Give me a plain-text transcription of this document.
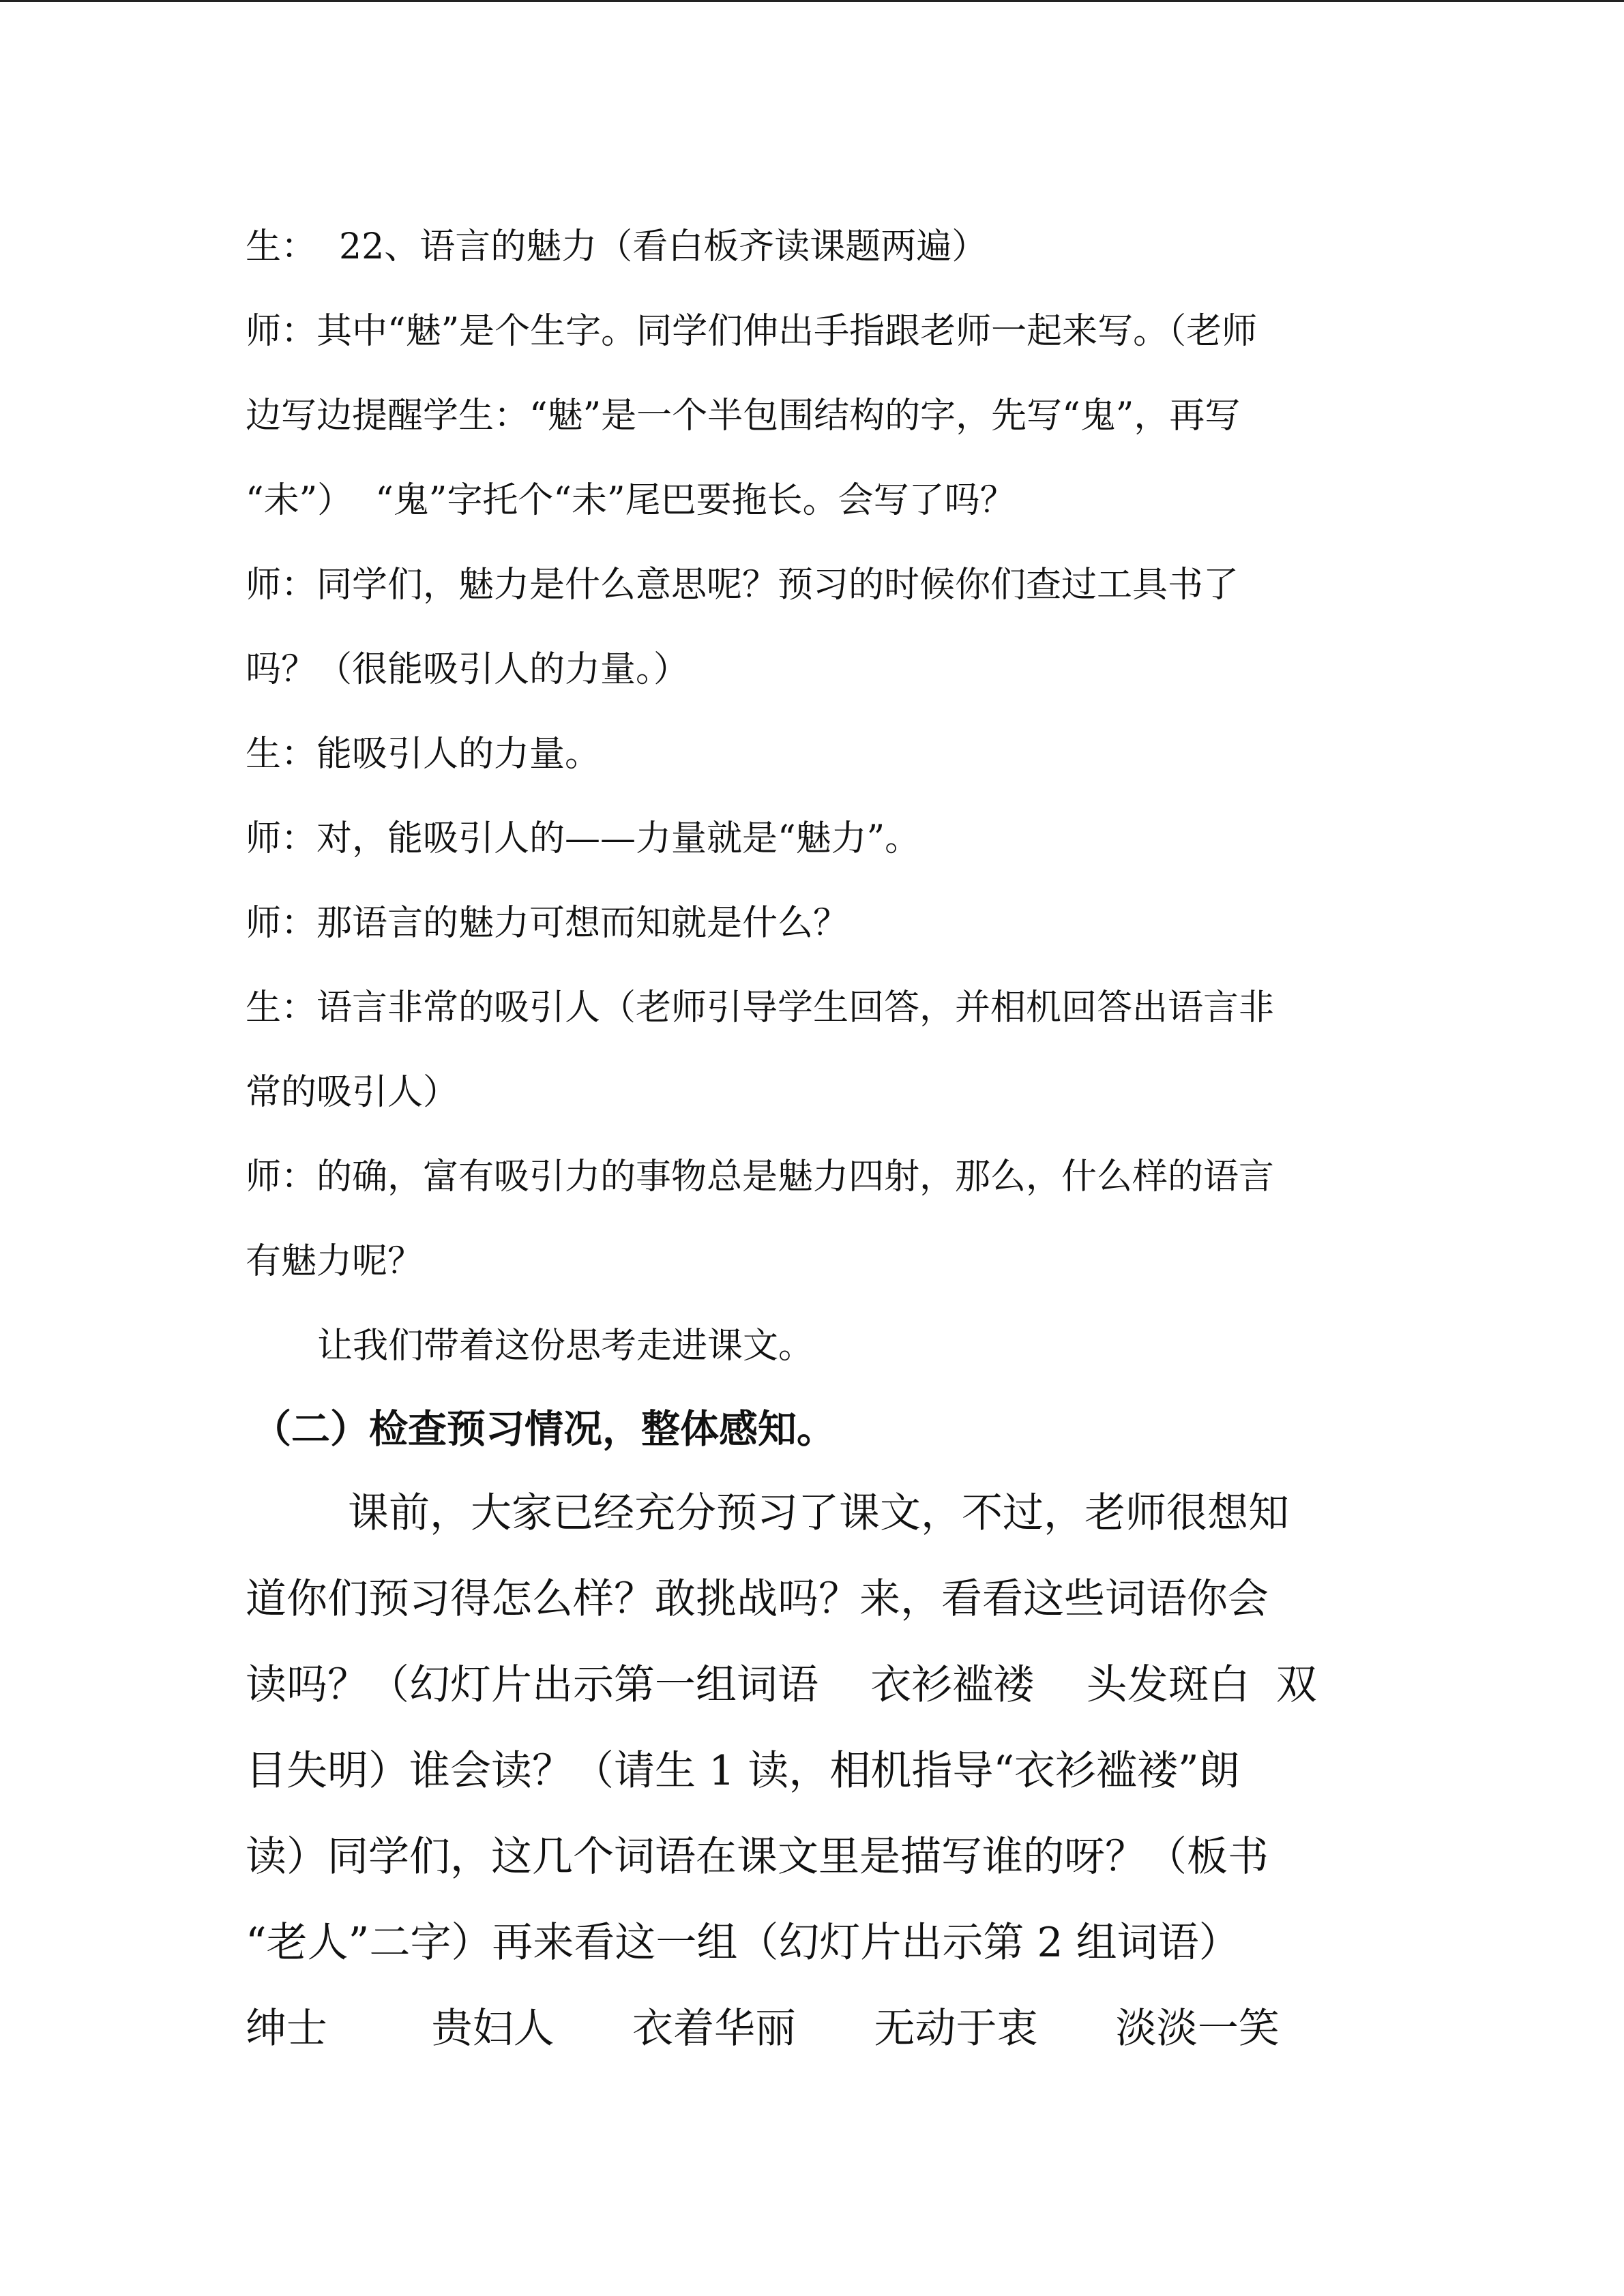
生：  22、语言的魅力（看白板齐读课题两遍）

师：其中“魅”是个生字。同学们伸出手指跟老师一起来写。（老师

边写边提醒学生：“魅”是一个半包围结构的字，先写“鬼”，再写

“未”）  “鬼”字托个“未”尾巴要拖长。会写了吗？

师：同学们，魅力是什么意思呢？预习的时候你们查过工具书了

吗？（很能吸引人的力量。）

生：能吸引人的力量。

师：对，能吸引人的——力量就是“魅力”。

师：那语言的魅力可想而知就是什么？

生：语言非常的吸引人（老师引导学生回答，并相机回答出语言非

常的吸引人）

师：的确，富有吸引力的事物总是魅力四射，那么，什么样的语言

有魅力呢？

让我们带着这份思考走进课文。

（二）检查预习情况，整体感知。

课前，大家已经充分预习了课文，不过，老师很想知

道你们预习得怎么样？敢挑战吗？来，看看这些词语你会

读吗？（幻灯片出示第一组词语    衣衫褴褛    头发斑白  双

目失明）谁会读？（请生 1 读，相机指导“衣衫褴褛”朗

读）同学们，这几个词语在课文里是描写谁的呀？（板书

“老人”二字）再来看这一组（幻灯片出示第 2 组词语）

绅士        贵妇人      衣着华丽      无动于衷      淡淡一笑
